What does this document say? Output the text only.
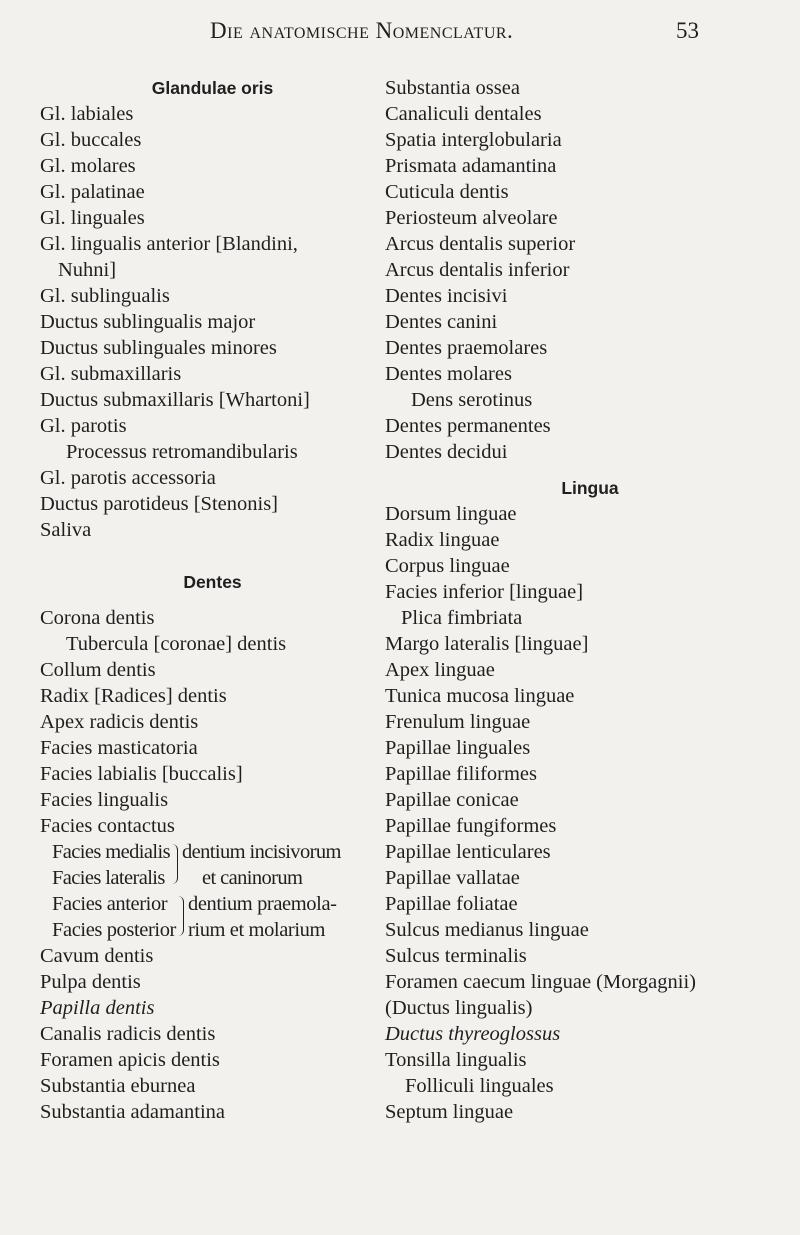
Die anatomische Nomenclatur.	53
Glandulae oris
Gl. labiales
Gl. buccales
Gl. molares
Gl. palatinae
Gl. linguales
Gl. lingualis anterior [Blandini,
Nuhni]
Gl. sublingualis
Ductus sublingualis major
Ductus sublinguales minores
Gl. submaxillaris
Ductus submaxillaris [Whartoni]
Gl. parotis
Processus retromandibularis
Gl. parotis accessoria
Ductus parotideus [Stenonis]
Saliva
Dentes
Corona dentis
Tubercula [coronae] dentis
Collum dentis
Radix [Radices] dentis
Apex radicis dentis
Facies masticatoria
Facies labialis [buccalis]
Facies lingualis
Facies contactus
Facies medialis
Facies lateralis
dentium incisivorum
et caninorum
Facies anterior
Facies posterior
dentium praemola-
rium et molarium
Cavum dentis
Pulpa dentis
Papilla dentis
Canalis radicis dentis
Foramen apicis dentis
Substantia eburnea
Substantia adamantina
Substantia ossea
Canaliculi dentales
Spatia interglobularia
Prismata adamantina
Cuticula dentis
Periosteum alveolare
Arcus dentalis superior
Arcus dentalis inferior
Dentes incisivi
Dentes canini
Dentes praemolares
Dentes molares
Dens serotinus
Dentes permanentes
Dentes decidui
Lingua
Dorsum linguae
Radix linguae
Corpus linguae
Facies inferior [linguae]
Plica fimbriata
Margo lateralis [linguae]
Apex linguae
Tunica mucosa linguae
Frenulum linguae
Papillae linguales
Papillae filiformes
Papillae conicae
Papillae fungiformes
Papillae lenticulares
Papillae vallatae
Papillae foliatae
Sulcus medianus linguae
Sulcus terminalis
Foramen caecum linguae (Morgagnii)
(Ductus lingualis)
Ductus thyreoglossus
Tonsilla lingualis
Folliculi linguales
Septum linguae
